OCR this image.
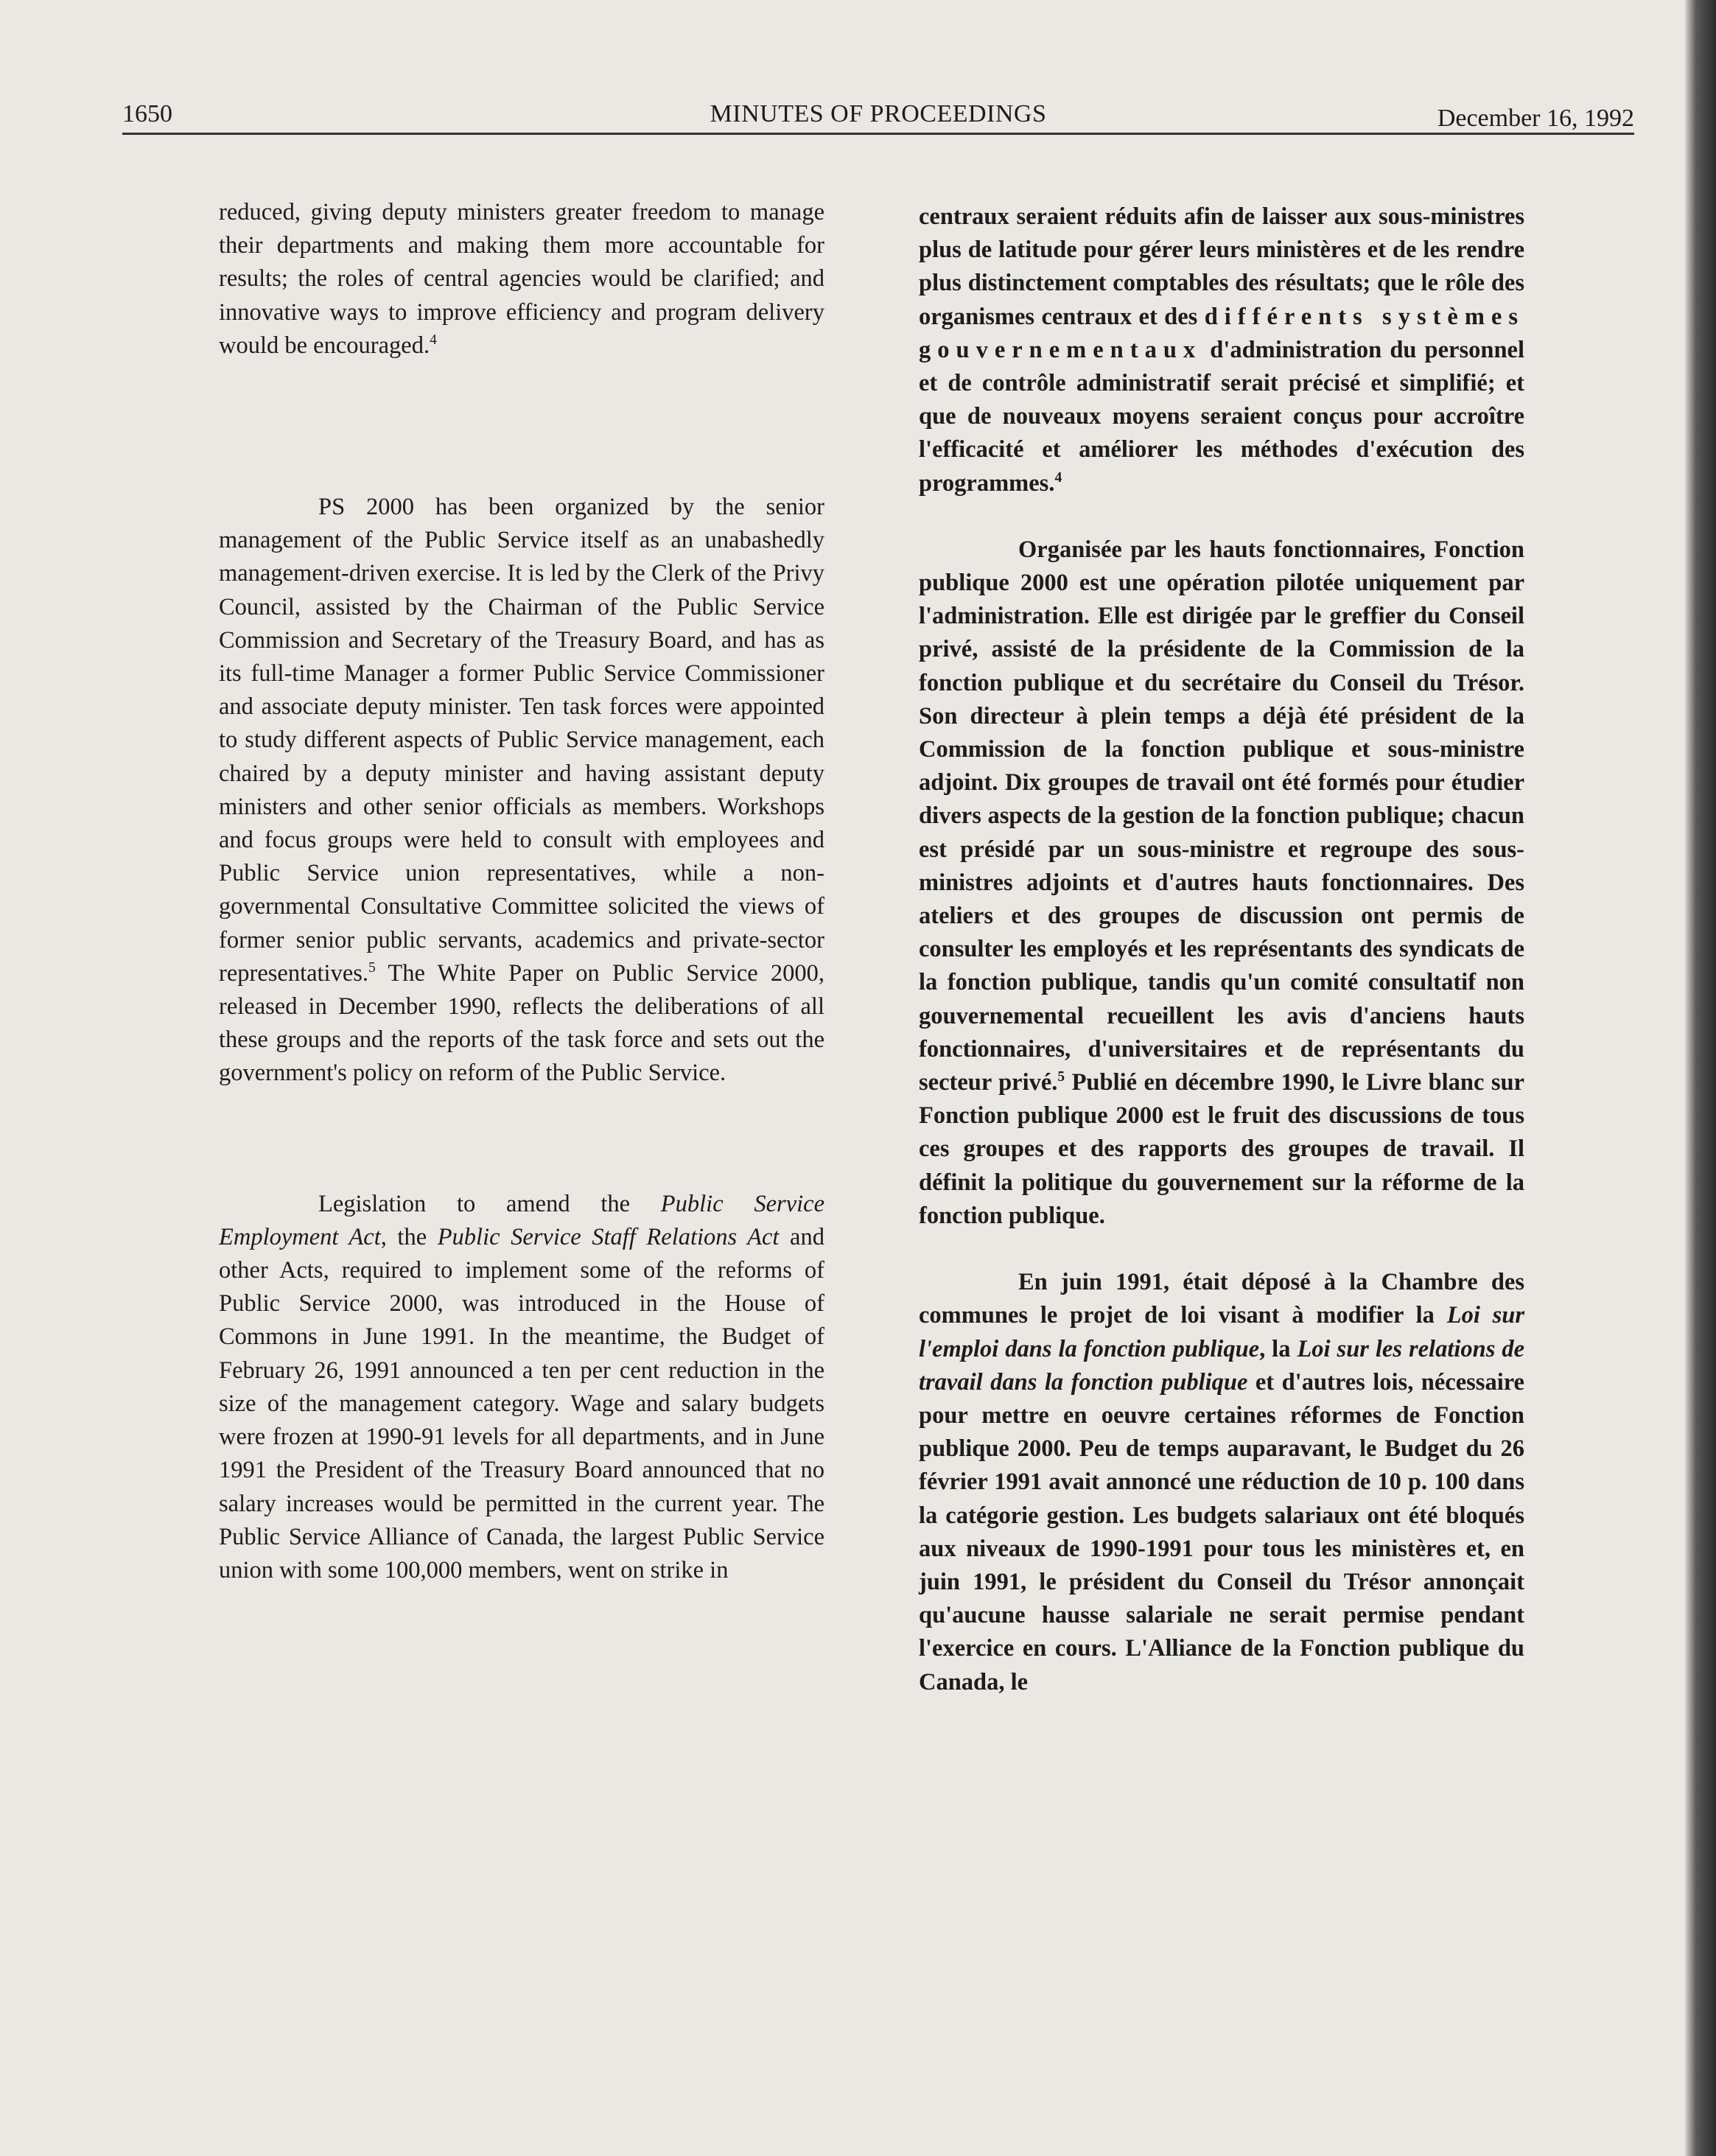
1650	MINUTES OF PROCEEDINGS	December 16, 1992

reduced, giving deputy ministers greater freedom to manage their departments and making them more accountable for results; the roles of central agencies would be clarified; and innovative ways to improve efficiency and program delivery would be encouraged.$^4$

PS 2000 has been organized by the senior management of the Public Service itself as an unabashedly management-driven exercise. It is led by the Clerk of the Privy Council, assisted by the Chairman of the Public Service Commission and Secretary of the Treasury Board, and has as its full-time Manager a former Public Service Commissioner and associate deputy minister. Ten task forces were appointed to study different aspects of Public Service management, each chaired by a deputy minister and having assistant deputy ministers and other senior officials as members. Workshops and focus groups were held to consult with employees and Public Service union representatives, while a non-governmental Consultative Committee solicited the views of former senior public servants, academics and private-sector representatives.$^5$ The White Paper on Public Service 2000, released in December 1990, reflects the deliberations of all these groups and the reports of the task force and sets out the government's policy on reform of the Public Service.

Legislation to amend the Public Service Employment Act, the Public Service Staff Relations Act and other Acts, required to implement some of the reforms of Public Service 2000, was introduced in the House of Commons in June 1991. In the meantime, the Budget of February 26, 1991 announced a ten per cent reduction in the size of the management category. Wage and salary budgets were frozen at 1990-91 levels for all departments, and in June 1991 the President of the Treasury Board announced that no salary increases would be permitted in the current year. The Public Service Alliance of Canada, the largest Public Service union with some 100,000 members, went on strike in

centraux seraient réduits afin de laisser aux sous-ministres plus de latitude pour gérer leurs ministères et de les rendre plus distinctement comptables des résultats; que le rôle des organismes centraux et des différents systèmes gouvernementaux d'administration du personnel et de contrôle administratif serait précisé et simplifié; et que de nouveaux moyens seraient conçus pour accroître l'efficacité et améliorer les méthodes d'exécution des programmes.$^4$

Organisée par les hauts fonctionnaires, Fonction publique 2000 est une opération pilotée uniquement par l'administration. Elle est dirigée par le greffier du Conseil privé, assisté de la présidente de la Commission de la fonction publique et du secrétaire du Conseil du Trésor. Son directeur à plein temps a déjà été président de la Commission de la fonction publique et sous-ministre adjoint. Dix groupes de travail ont été formés pour étudier divers aspects de la gestion de la fonction publique; chacun est présidé par un sous-ministre et regroupe des sous-ministres adjoints et d'autres hauts fonctionnaires. Des ateliers et des groupes de discussion ont permis de consulter les employés et les représentants des syndicats de la fonction publique, tandis qu'un comité consultatif non gouvernemental recueillent les avis d'anciens hauts fonctionnaires, d'universitaires et de représentants du secteur privé.$^5$ Publié en décembre 1990, le Livre blanc sur Fonction publique 2000 est le fruit des discussions de tous ces groupes et des rapports des groupes de travail. Il définit la politique du gouvernement sur la réforme de la fonction publique.

En juin 1991, était déposé à la Chambre des communes le projet de loi visant à modifier la Loi sur l'emploi dans la fonction publique, la Loi sur les relations de travail dans la fonction publique et d'autres lois, nécessaire pour mettre en oeuvre certaines réformes de Fonction publique 2000. Peu de temps auparavant, le Budget du 26 février 1991 avait annoncé une réduction de 10 p. 100 dans la catégorie gestion. Les budgets salariaux ont été bloqués aux niveaux de 1990-1991 pour tous les ministères et, en juin 1991, le président du Conseil du Trésor annonçait qu'aucune hausse salariale ne serait permise pendant l'exercice en cours. L'Alliance de la Fonction publique du Canada, le
